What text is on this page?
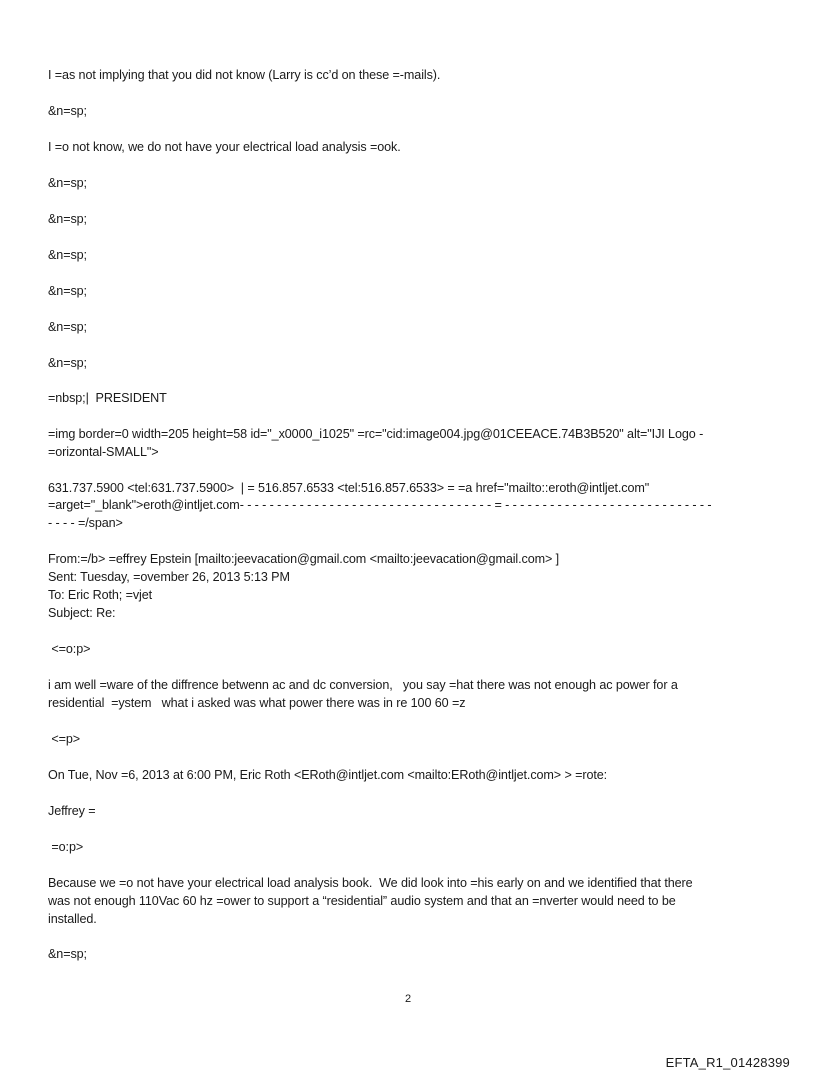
I =as not implying that you did not know (Larry is cc’d on these =-mails).
&n=sp;
I =o not know, we do not have your electrical load analysis =ook.
&n=sp;
&n=sp;
&n=sp;
&n=sp;
&n=sp;
&n=sp;
=nbsp;|  PRESIDENT
=img border=0 width=205 height=58 id="_x0000_i1025" =rc="cid:image004.jpg@01CEEACE.74B3B520" alt="IJI Logo -
=orizontal-SMALL">
631.737.5900 <tel:631.737.5900>  | = 516.857.6533 <tel:516.857.6533> = =a href="mailto::eroth@intljet.com"
=arget="_blank">eroth@intljet.com- - - - - - - - - - - - - - - - - - - - - - - - - - - - - - - - - - = - - - - - - - - - - - - - - - - - - - - - - - - - - - -
- - - - =/span>
From:=/b> =effrey Epstein [mailto:jeevacation@gmail.com <mailto:jeevacation@gmail.com> ]
Sent: Tuesday, =ovember 26, 2013 5:13 PM
To: Eric Roth; =vjet
Subject: Re:
<=o:p>
i am well =ware of the diffrence betwenn ac and dc conversion,   you say =hat there was not enough ac power for a
residential  =ystem   what i asked was what power there was in re 100 60 =z
<=p>
On Tue, Nov =6, 2013 at 6:00 PM, Eric Roth <ERoth@intljet.com <mailto:ERoth@intljet.com> > =rote:
Jeffrey =
=o:p>
Because we =o not have your electrical load analysis book.  We did look into =his early on and we identified that there
was not enough 110Vac 60 hz =ower to support a “residential” audio system and that an =nverter would need to be
installed.
&n=sp;
2
EFTA_R1_01428399
